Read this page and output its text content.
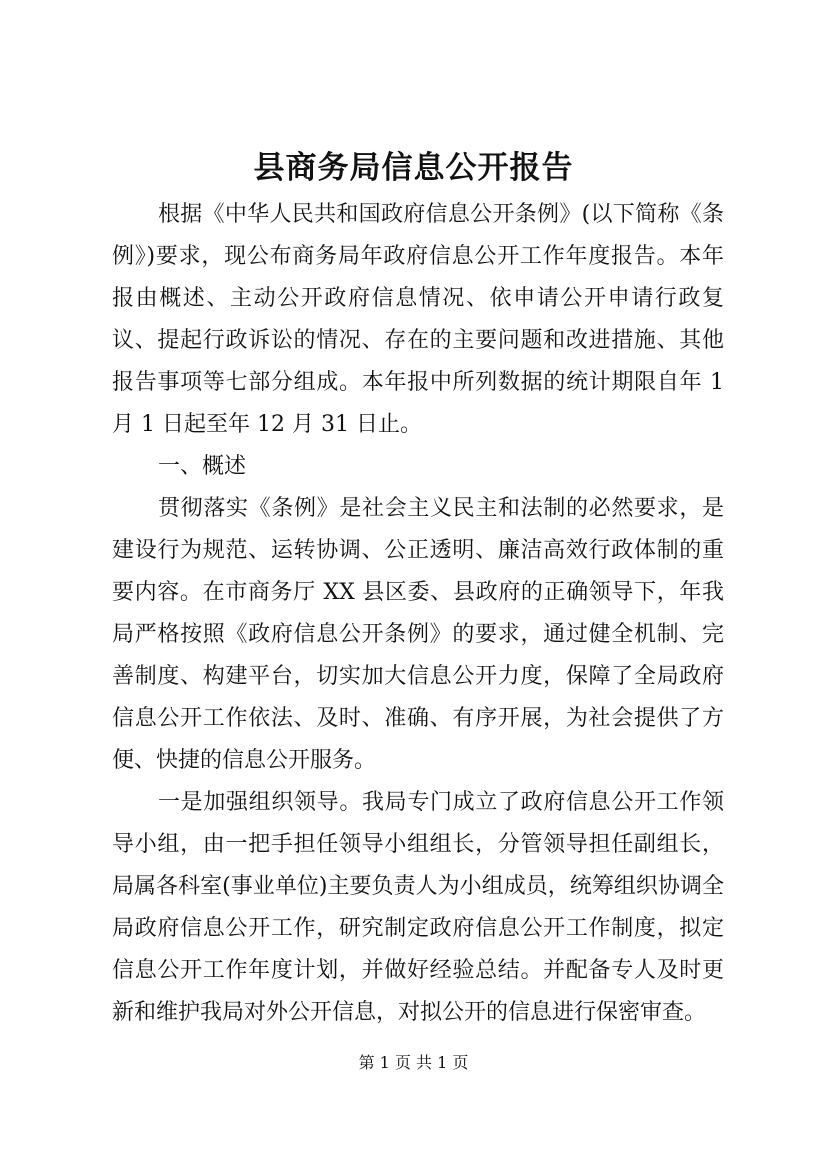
县商务局信息公开报告

根据《中华人民共和国政府信息公开条例》(以下简称《条例》)要求，现公布商务局年政府信息公开工作年度报告。本年报由概述、主动公开政府信息情况、依申请公开申请行政复议、提起行政诉讼的情况、存在的主要问题和改进措施、其他报告事项等七部分组成。本年报中所列数据的统计期限自年 1 月 1 日起至年 12 月 31 日止。

一、概述

贯彻落实《条例》是社会主义民主和法制的必然要求，是建设行为规范、运转协调、公正透明、廉洁高效行政体制的重要内容。在市商务厅 XX 县区委、县政府的正确领导下，年我局严格按照《政府信息公开条例》的要求，通过健全机制、完善制度、构建平台，切实加大信息公开力度，保障了全局政府信息公开工作依法、及时、准确、有序开展，为社会提供了方便、快捷的信息公开服务。

一是加强组织领导。我局专门成立了政府信息公开工作领导小组，由一把手担任领导小组组长，分管领导担任副组长，局属各科室(事业单位)主要负责人为小组成员，统筹组织协调全局政府信息公开工作，研究制定政府信息公开工作制度，拟定信息公开工作年度计划，并做好经验总结。并配备专人及时更新和维护我局对外公开信息，对拟公开的信息进行保密审查。

第 1 页 共 1 页
